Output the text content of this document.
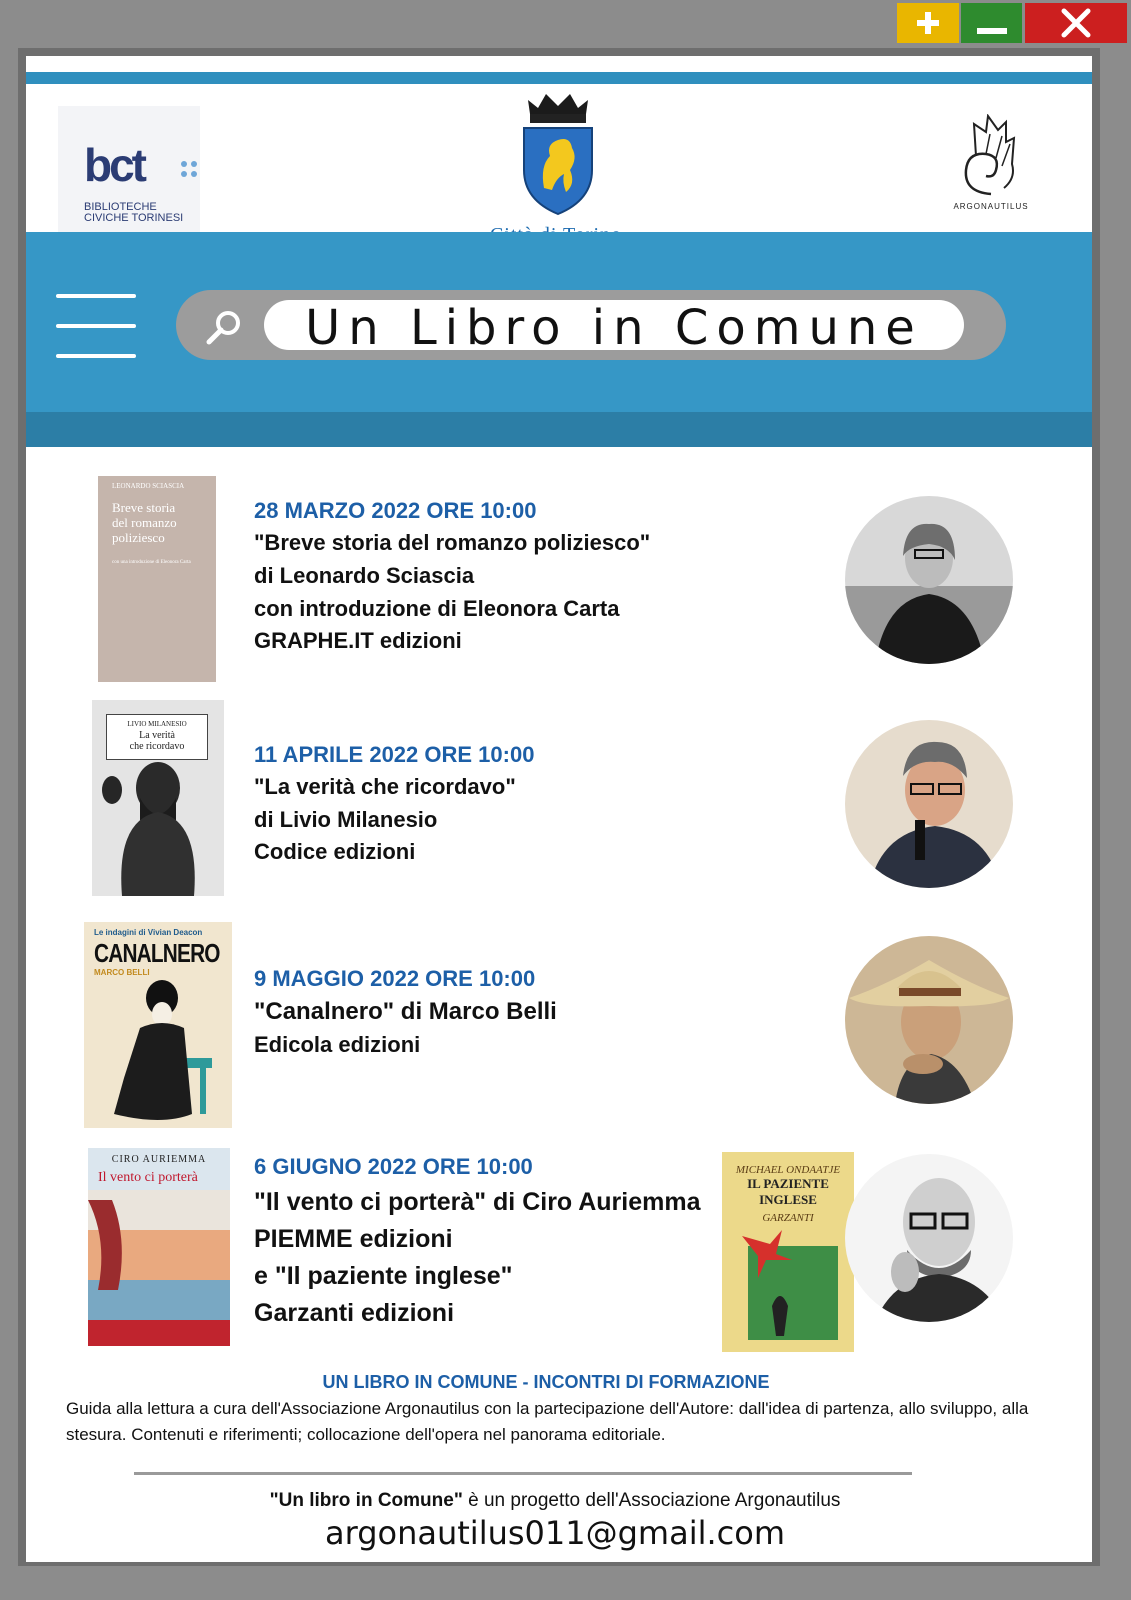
bct
BIBLIOTECHE
CIVICHE TORINESI
ARGONAUTILUS
Un Libro in Comune
LEONARDO SCIASCIA
Breve storia
del romanzo
poliziesco
con una introduzione di Eleonora Carta
28 MARZO 2022 ORE 10:00
"Breve storia del romanzo poliziesco"
di Leonardo Sciascia
con introduzione di Eleonora Carta
GRAPHE.IT edizioni
LIVIO MILANESIO
La verità
che ricordavo	11 APRILE 2022 ORE 10:00
"La verità che ricordavo"
di Livio Milanesio
Codice edizioni
Le indagini di Vivian Deacon
CANALNERO
MARCO BELLI	9 MAGGIO 2022 ORE 10:00
"Canalnero" di Marco Belli
Edicola edizioni
CIRO AURIEMMA
Il vento ci porterà	6 GIUGNO 2022 ORE 10:00
"Il vento ci porterà" di Ciro Auriemma
PIEMME edizioni
e "Il paziente inglese"
Garzanti edizioni
MICHAEL ONDAATJE
IL PAZIENTE
INGLESE
GARZANTI
UN LIBRO IN COMUNE - INCONTRI DI FORMAZIONE
Guida alla lettura a cura dell'Associazione Argonautilus con la partecipazione dell'Autore: dall'idea di partenza, allo sviluppo, alla stesura. Contenuti e riferimenti; collocazione dell'opera nel panorama editoriale.
"Un libro in Comune" è un progetto dell'Associazione Argonautilus
argonautilus011@gmail.com
